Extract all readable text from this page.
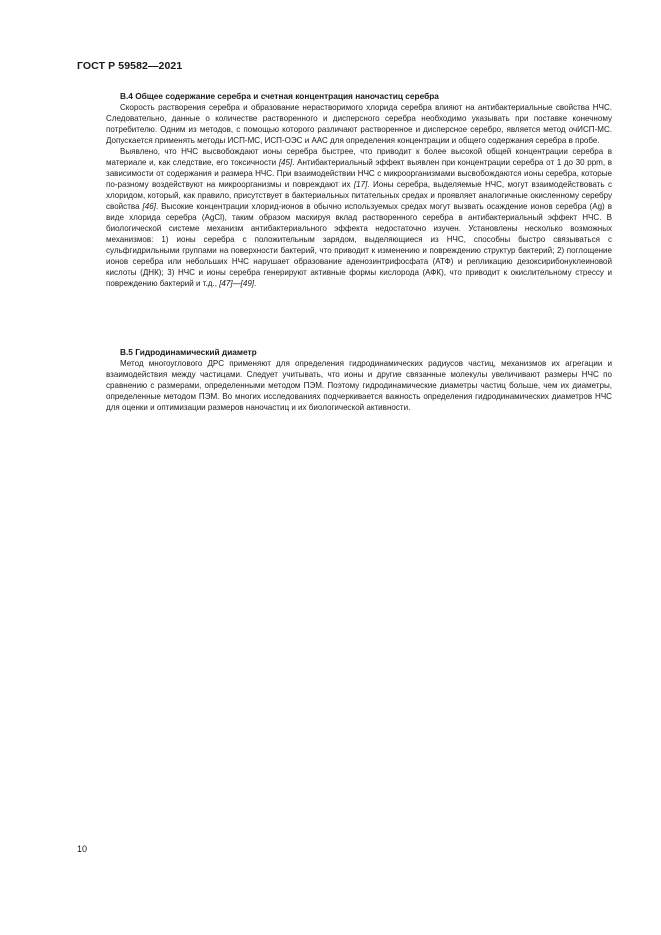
ГОСТ Р 59582—2021

В.4 Общее содержание серебра и счетная концентрация наночастиц серебра

Скорость растворения серебра и образование нерастворимого хлорида серебра влияют на антибактериальные свойства НЧС. Следовательно, данные о количестве растворенного и дисперсного серебра необходимо указывать при поставке конечному потребителю. Одним из методов, с помощью которого различают растворенное и дисперсное серебро, является метод очИСП-МС. Допускается применять методы ИСП-МС, ИСП-ОЭС и ААС для определения концентрации и общего содержания серебра в пробе.

Выявлено, что НЧС высвобождают ионы серебра быстрее, что приводит к более высокой общей концентрации серебра в материале и, как следствие, его токсичности [45]. Антибактериальный эффект выявлен при концентрации серебра от 1 до 30 ppm, в зависимости от содержания и размера НЧС. При взаимодействии НЧС с микроорганизмами высвобождаются ионы серебра, которые по-разному воздействуют на микроорганизмы и повреждают их [17]. Ионы серебра, выделяемые НЧС, могут взаимодействовать с хлоридом, который, как правило, присутствует в бактериальных питательных средах и проявляет аналогичные окисленному серебру свойства [46]. Высокие концентрации хлорид-ионов в обычно используемых средах могут вызвать осаждение ионов серебра (Ag) в виде хлорида серебра (AgCl), таким образом маскируя вклад растворенного серебра в антибактериальный эффект НЧС. В биологической системе механизм антибактериального эффекта недостаточно изучен. Установлены несколько возможных механизмов: 1) ионы серебра с положительным зарядом, выделяющиеся из НЧС, способны быстро связываться с сульфгидрильными группами на поверхности бактерий, что приводит к изменению и повреждению структур бактерий; 2) поглощение ионов серебра или небольших НЧС нарушает образование аденозинтрифосфата (АТФ) и репликацию дезоксирибонуклеиновой кислоты (ДНК); 3) НЧС и ионы серебра генерируют активные формы кислорода (АФК), что приводит к окислительному стрессу и повреждению бактерий и т.д., [47]—[49].

В.5 Гидродинамический диаметр

Метод многоуглового ДРС применяют для определения гидродинамических радиусов частиц, механизмов их агрегации и взаимодействия между частицами. Следует учитывать, что ионы и другие связанные молекулы увеличивают размеры НЧС по сравнению с размерами, определенными методом ПЭМ. Поэтому гидродинамические диаметры частиц больше, чем их диаметры, определенные методом ПЭМ. Во многих исследованиях подчеркивается важность определения гидродинамических диаметров НЧС для оценки и оптимизации размеров наночастиц и их биологической активности.

10
